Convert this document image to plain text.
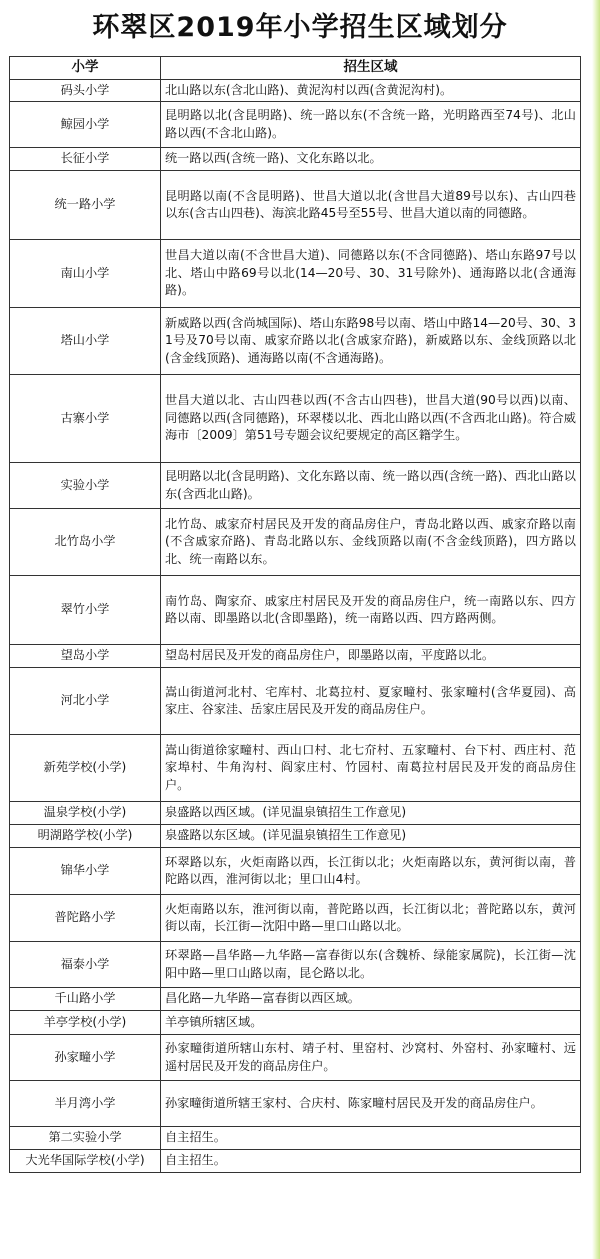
环翠区2019年小学招生区域划分
小学	招生区域
码头小学	北山路以东(含北山路)、黄泥沟村以西(含黄泥沟村)。
鲸园小学	昆明路以北(含昆明路)、统一路以东(不含统一路，光明路西至74号)、北山路以西(不含北山路)。
长征小学	统一路以西(含统一路)、文化东路以北。
统一路小学	昆明路以南(不含昆明路)、世昌大道以北(含世昌大道89号以东)、古山四巷以东(含古山四巷)、海滨北路45号至55号、世昌大道以南的同德路。
南山小学	世昌大道以南(不含世昌大道)、同德路以东(不含同德路)、塔山东路97号以北、塔山中路69号以北(14—20号、30、31号除外)、通海路以北(含通海路)。
塔山小学	新威路以西(含尚城国际)、塔山东路98号以南、塔山中路14—20号、30、31号及70号以南、戚家夼路以北(含戚家夼路)，新威路以东、金线顶路以北(含金线顶路)、通海路以南(不含通海路)。
古寨小学	世昌大道以北、古山四巷以西(不含古山四巷)，世昌大道(90号以西)以南、同德路以西(含同德路)，环翠楼以北、西北山路以西(不含西北山路)。符合威海市〔2009〕第51号专题会议纪要规定的高区籍学生。
实验小学	昆明路以北(含昆明路)、文化东路以南、统一路以西(含统一路)、西北山路以东(含西北山路)。
北竹岛小学	北竹岛、戚家夼村居民及开发的商品房住户，青岛北路以西、戚家夼路以南(不含戚家夼路)、青岛北路以东、金线顶路以南(不含金线顶路)，四方路以北、统一南路以东。
翠竹小学	南竹岛、陶家夼、戚家庄村居民及开发的商品房住户，统一南路以东、四方路以南、即墨路以北(含即墨路)，统一南路以西、四方路两侧。
望岛小学	望岛村居民及开发的商品房住户，即墨路以南，平度路以北。
河北小学	嵩山街道河北村、宅库村、北葛拉村、夏家疃村、张家疃村(含华夏园)、高家庄、谷家洼、岳家庄居民及开发的商品房住户。
新苑学校(小学)	嵩山街道徐家疃村、西山口村、北七夼村、五家疃村、台下村、西庄村、范家埠村、牛角沟村、阎家庄村、竹园村、南葛拉村居民及开发的商品房住户。
温泉学校(小学)	泉盛路以西区域。(详见温泉镇招生工作意见)
明湖路学校(小学)	泉盛路以东区域。(详见温泉镇招生工作意见)
锦华小学	环翠路以东，火炬南路以西，长江街以北；火炬南路以东，黄河街以南，普陀路以西，淮河街以北；里口山4村。
普陀路小学	火炬南路以东，淮河街以南，普陀路以西，长江街以北；普陀路以东，黄河街以南，长江街—沈阳中路—里口山路以北。
福泰小学	环翠路—昌华路—九华路—富春街以东(含魏桥、绿能家属院)，长江街—沈阳中路—里口山路以南，昆仑路以北。
千山路小学	昌化路—九华路—富春街以西区域。
羊亭学校(小学)	羊亭镇所辖区域。
孙家疃小学	孙家疃街道所辖山东村、靖子村、里窑村、沙窝村、外窑村、孙家疃村、远遥村居民及开发的商品房住户。
半月湾小学	孙家疃街道所辖王家村、合庆村、陈家疃村居民及开发的商品房住户。
第二实验小学	自主招生。
大光华国际学校(小学)	自主招生。
